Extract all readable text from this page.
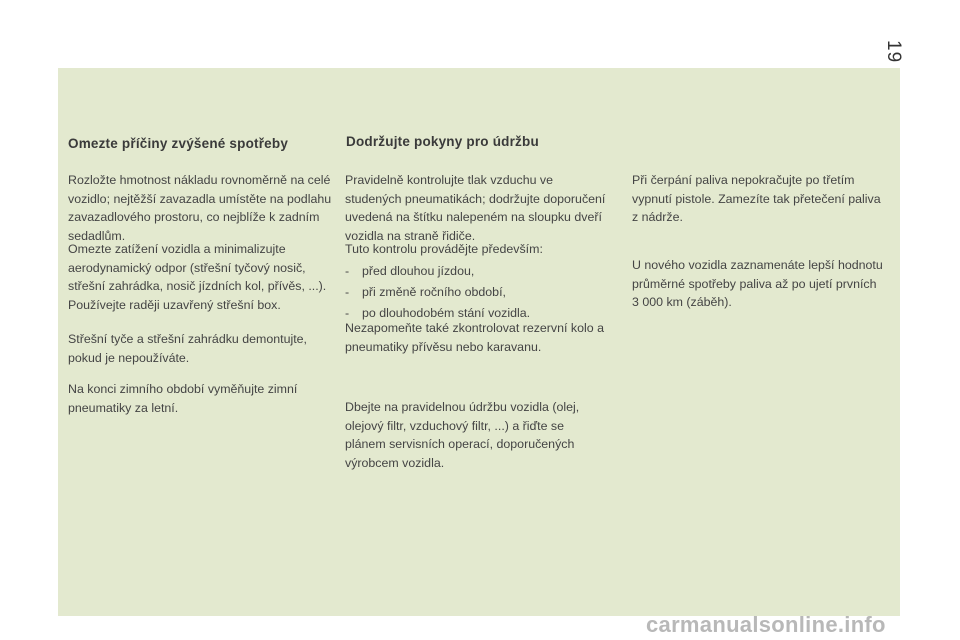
19
Omezte příčiny zvýšené spotřeby

Rozložte hmotnost nákladu rovnoměrně na celé vozidlo; nejtěžší zavazadla umístěte na podlahu zavazadlového prostoru, co nejblíže k zadním sedadlům.

Omezte zatížení vozidla a minimalizujte aerodynamický odpor (střešní tyčový nosič, střešní zahrádka, nosič jízdních kol, přívěs, ...). Používejte raději uzavřený střešní box.

Střešní tyče a střešní zahrádku demontujte, pokud je nepoužíváte.

Na konci zimního období vyměňujte zimní pneumatiky za letní.

Dodržujte pokyny pro údržbu

Pravidelně kontrolujte tlak vzduchu ve studených pneumatikách; dodržujte doporučení uvedená na štítku nalepeném na sloupku dveří vozidla na straně řidiče.

Tuto kontrolu provádějte především:

- před dlouhou jízdou,
- při změně ročního období,
- po dlouhodobém stání vozidla.

Nezapomeňte také zkontrolovat rezervní kolo a pneumatiky přívěsu nebo karavanu.

Dbejte na pravidelnou údržbu vozidla (olej, olejový filtr, vzduchový filtr, ...) a řiďte se plánem servisních operací, doporučených výrobcem vozidla.

Při čerpání paliva nepokračujte po třetím vypnutí pistole. Zamezíte tak přetečení paliva z nádrže.

U nového vozidla zaznamenáte lepší hodnotu průměrné spotřeby paliva až po ujetí prvních 3 000 km (záběh).

carmanualsonline.info
